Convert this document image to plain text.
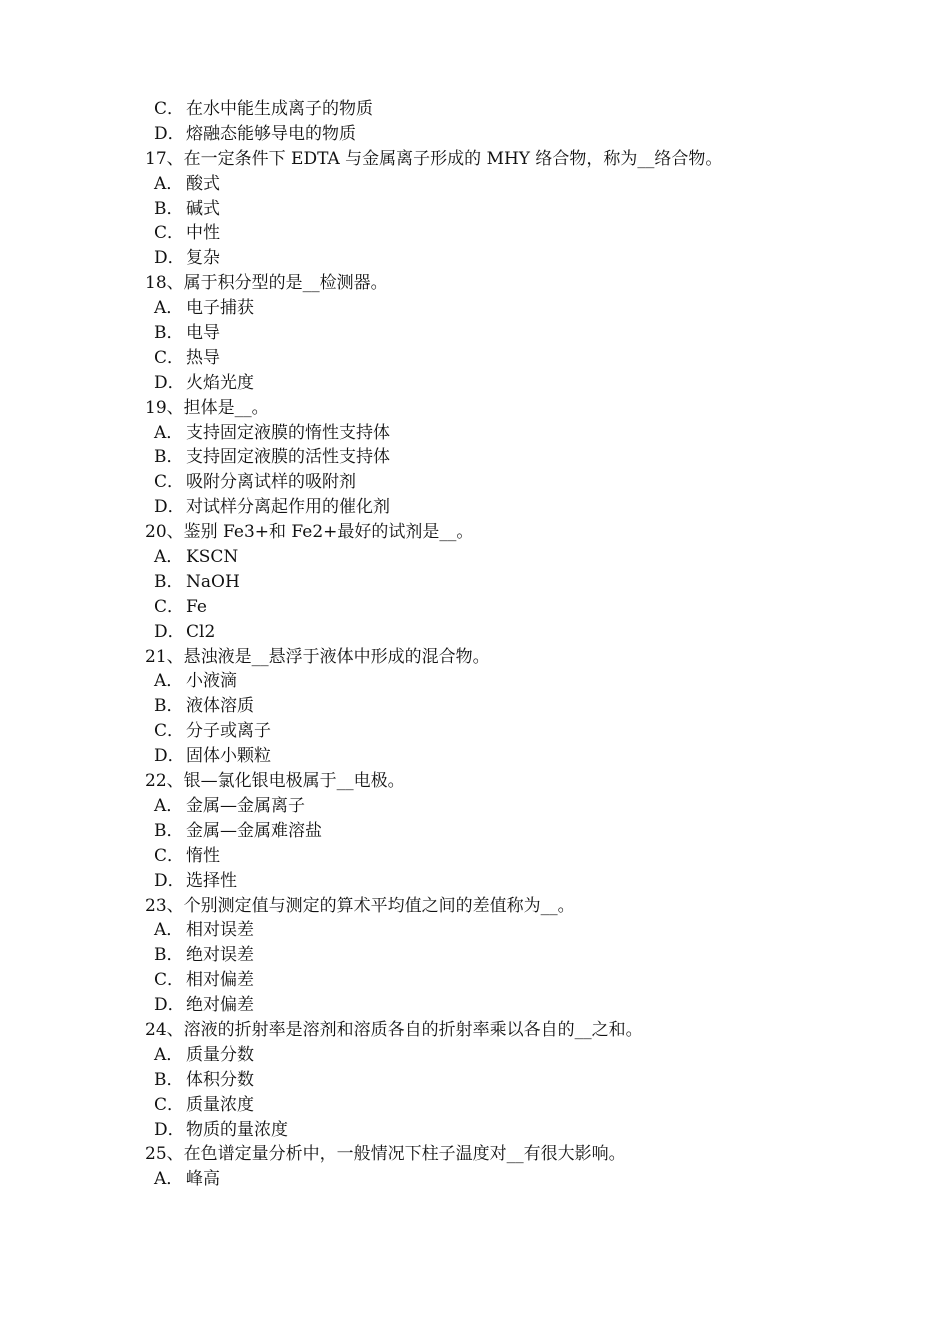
C． 在水中能生成离子的物质
D．熔融态能够导电的物质
17、在一定条件下 EDTA 与金属离子形成的 MHY 络合物，称为__络合物。
A． 酸式
B． 碱式
C． 中性
D．复杂
18、属于积分型的是__检测器。
A． 电子捕获
B． 电导
C． 热导
D．火焰光度
19、担体是__。
A． 支持固定液膜的惰性支持体
B． 支持固定液膜的活性支持体
C． 吸附分离试样的吸附剂
D．对试样分离起作用的催化剂
20、鉴别 Fe3+和 Fe2+最好的试剂是__。
A． KSCN
B． NaOH
C． Fe
D．Cl2
21、悬浊液是__悬浮于液体中形成的混合物。
A． 小液滴
B． 液体溶质
C． 分子或离子
D．固体小颗粒
22、银—氯化银电极属于__电极。
A． 金属—金属离子
B． 金属—金属难溶盐
C． 惰性
D．选择性
23、个别测定值与测定的算术平均值之间的差值称为__。
A． 相对误差
B． 绝对误差
C． 相对偏差
D．绝对偏差
24、溶液的折射率是溶剂和溶质各自的折射率乘以各自的__之和。
A． 质量分数
B． 体积分数
C． 质量浓度
D．物质的量浓度
25、在色谱定量分析中，一般情况下柱子温度对__有很大影响。
A． 峰高
